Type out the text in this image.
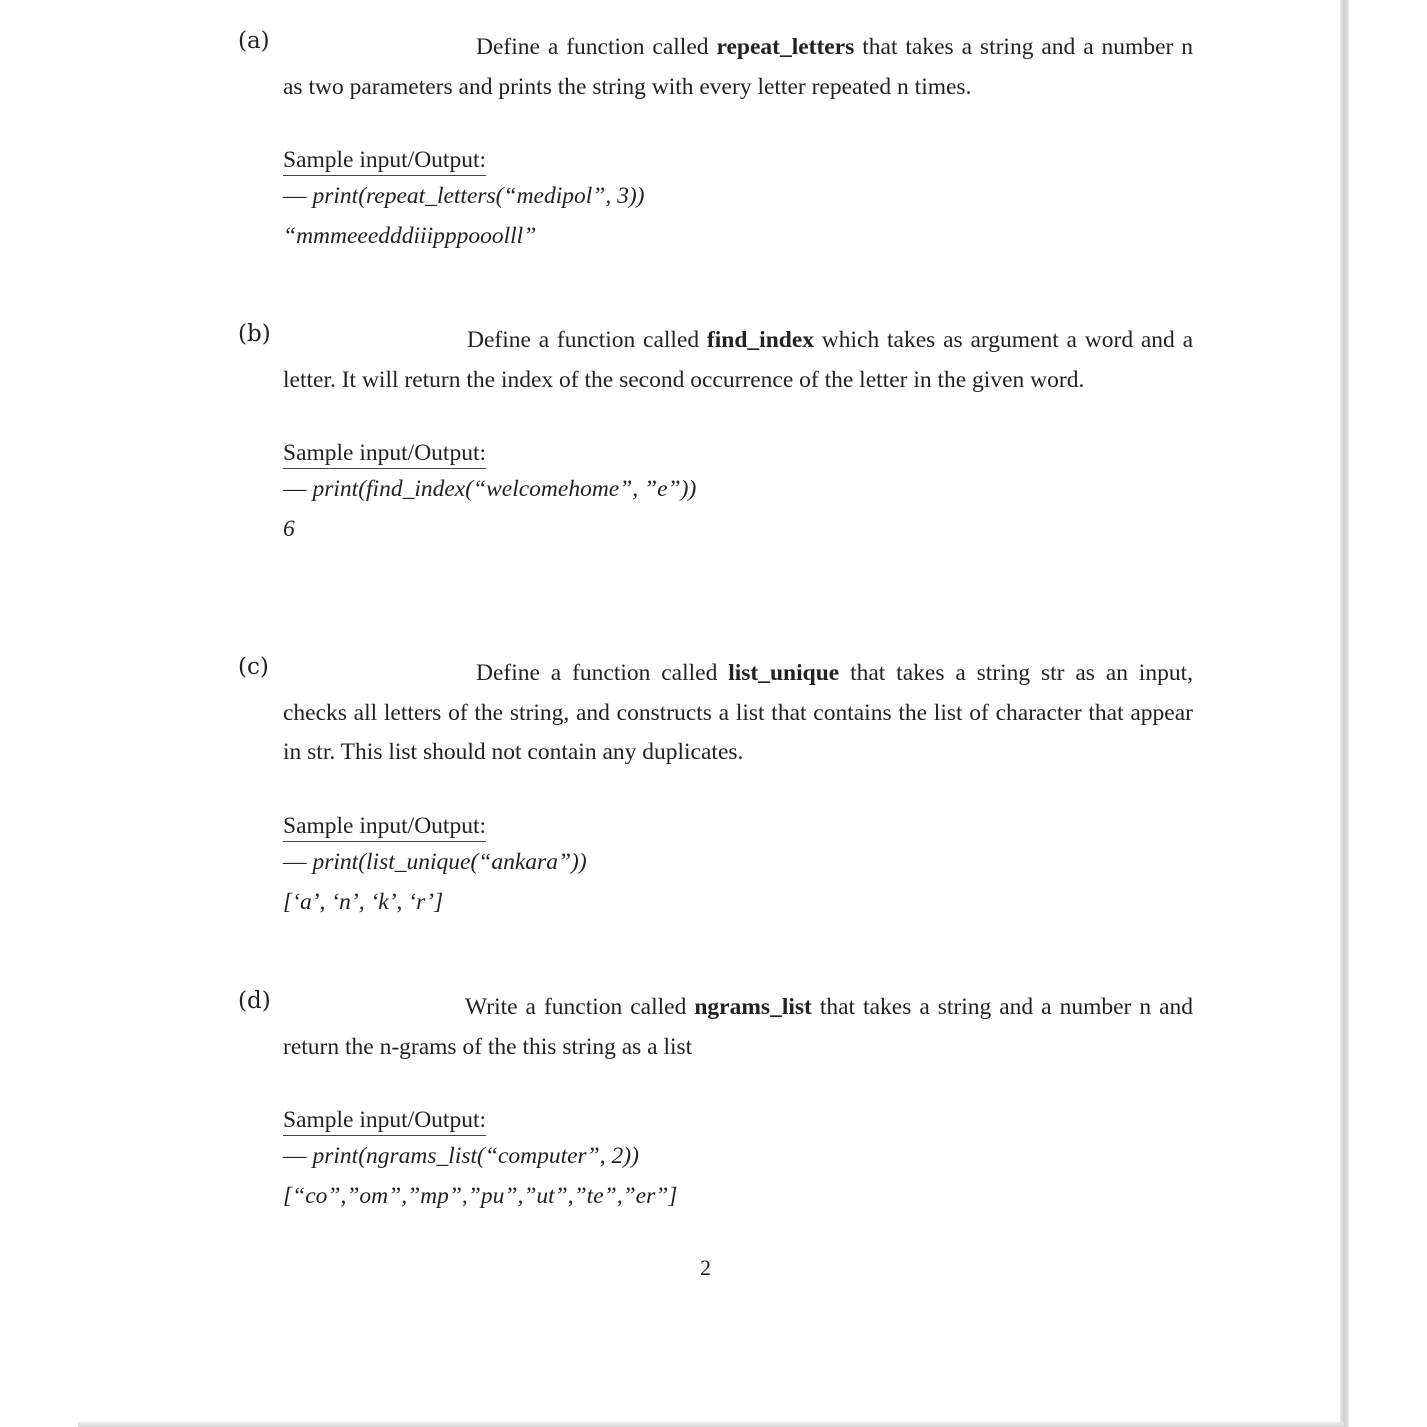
(a)	Define a function called repeat_letters that takes a string and a number n as two parameters and prints the string with every letter repeated n times.
Sample input/Output:
— print(repeat_letters(“medipol”, 3))
“mmmeeedddiiipppooolll”
(b)	Define a function called find_index which takes as argument a word and a letter. It will return the index of the second occurrence of the letter in the given word.
Sample input/Output:
— print(find_index(“welcomehome”, ”e”))
6
(c)	Define a function called list_unique that takes a string str as an input, checks all letters of the string, and constructs a list that contains the list of character that appear in str. This list should not contain any duplicates.
Sample input/Output:
— print(list_unique(“ankara”))
[‘a’, ‘n’, ‘k’, ‘r’]
(d)	Write a function called ngrams_list that takes a string and a number n and return the n-grams of the this string as a list
Sample input/Output:
— print(ngrams_list(“computer”, 2))
[“co”,”om”,”mp”,”pu”,”ut”,”te”,”er”]
2
